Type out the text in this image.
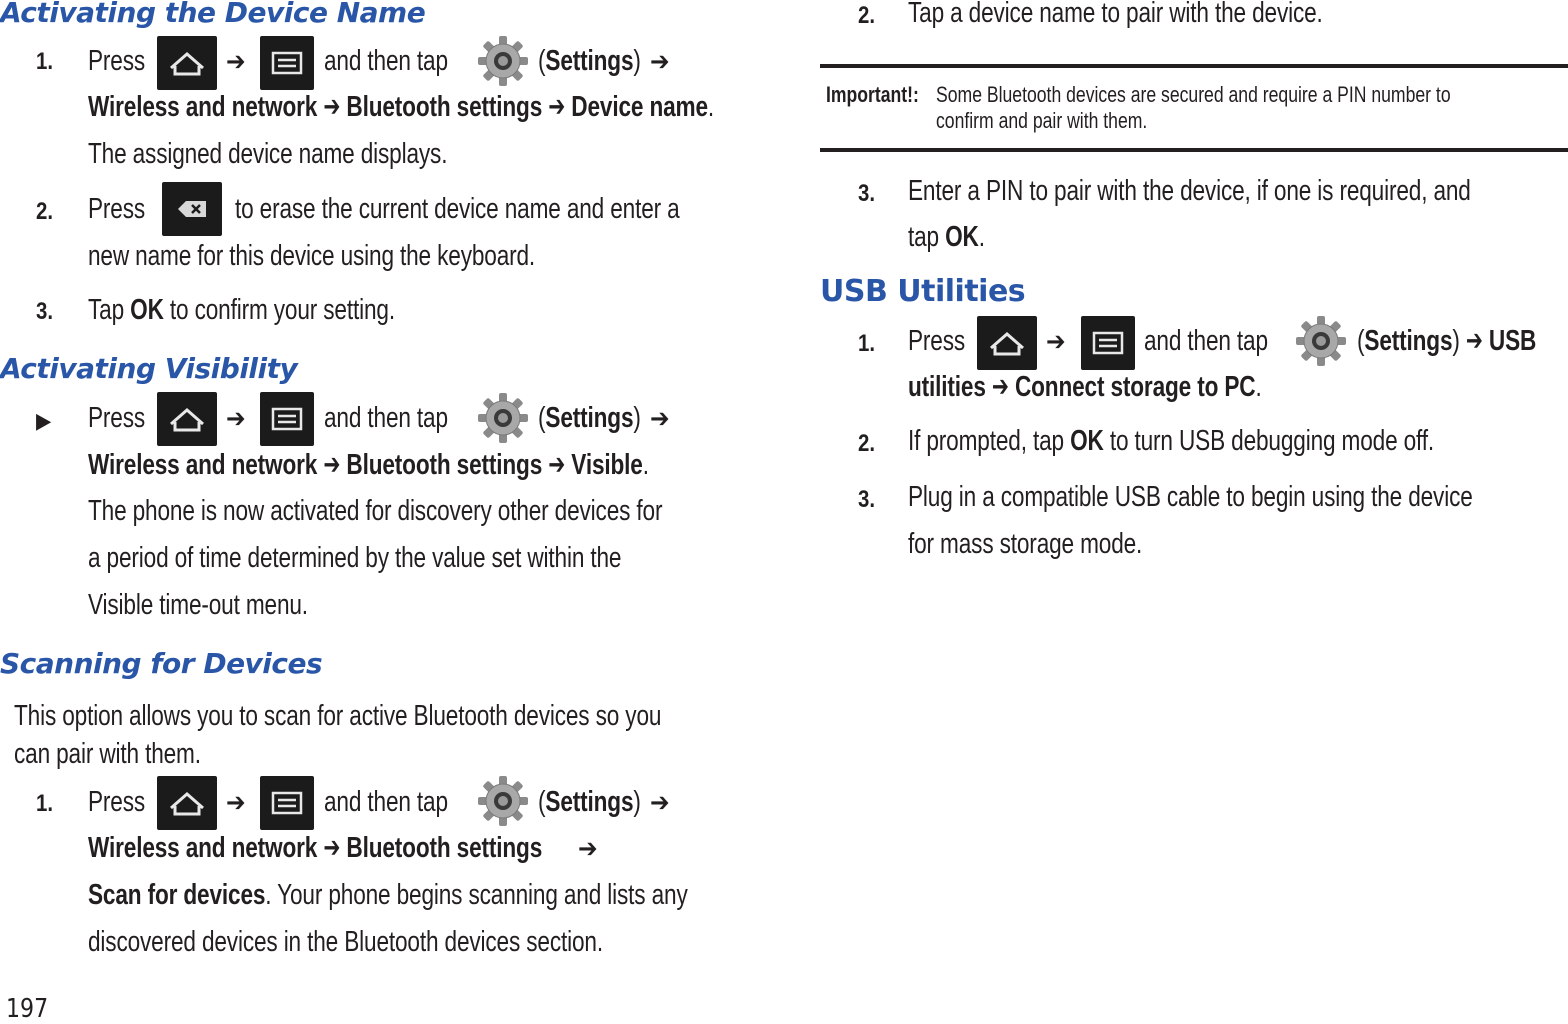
Activating the Device Name
1. Press	➔	and then tap	(Settings) ➔
Wireless and network ➔ Bluetooth settings ➔ Device name.
The assigned device name displays.
2. Press	to erase the current device name and enter a
new name for this device using the keyboard.
3. Tap OK to confirm your setting.
Activating Visibility
▶ Press	➔	and then tap	(Settings) ➔
Wireless and network ➔ Bluetooth settings ➔ Visible.
The phone is now activated for discovery other devices for
a period of time determined by the value set within the
Visible time-out menu.
Scanning for Devices
This option allows you to scan for active Bluetooth devices so you
can pair with them.
1. Press	➔	and then tap	(Settings) ➔
Wireless and network ➔ Bluetooth settings ➔
Scan for devices. Your phone begins scanning and lists any
discovered devices in the Bluetooth devices section.
197
2. Tap a device name to pair with the device.
Important!: Some Bluetooth devices are secured and require a PIN number to
confirm and pair with them.
3. Enter a PIN to pair with the device, if one is required, and
tap OK.
USB Utilities
1. Press	➔	and then tap	(Settings) ➔ USB
utilities ➔ Connect storage to PC.
2. If prompted, tap OK to turn USB debugging mode off.
3. Plug in a compatible USB cable to begin using the device
for mass storage mode.
